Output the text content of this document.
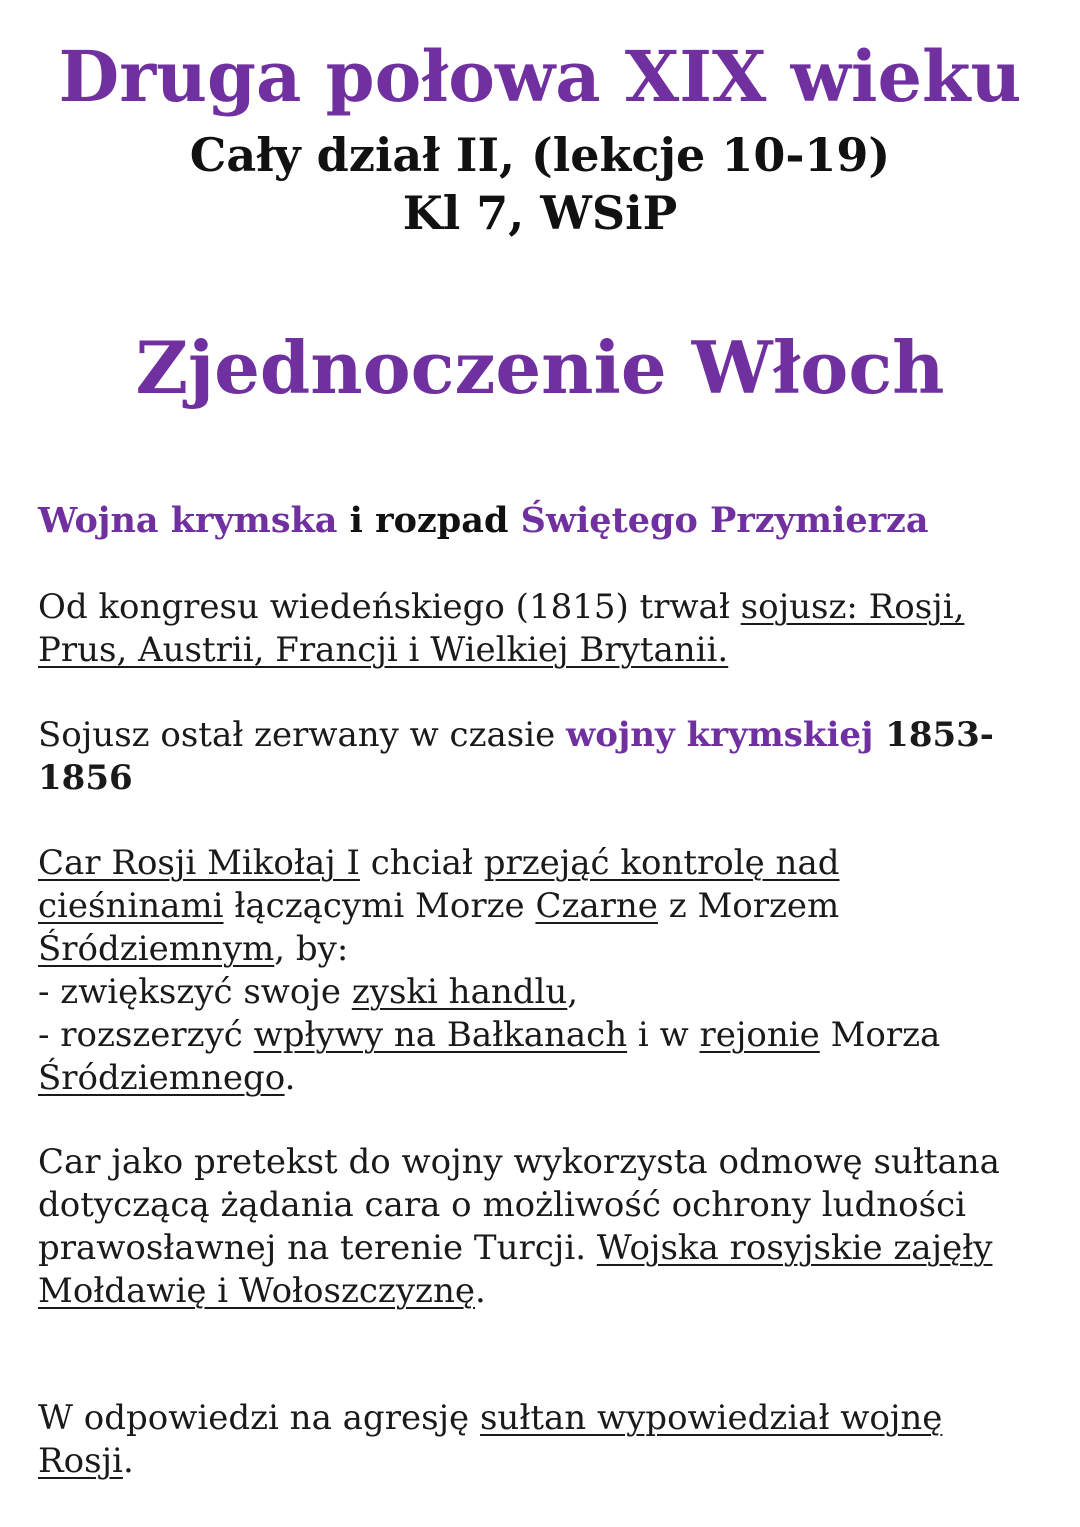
Druga połowa XIX wieku
Cały dział II, (lekcje 10-19)
Kl 7, WSiP
Zjednoczenie Włoch
Wojna krymska i rozpad Świętego Przymierza
Od kongresu wiedeńskiego (1815) trwał sojusz: Rosji,
Prus, Austrii, Francji i Wielkiej Brytanii.
Sojusz ostał zerwany w czasie wojny krymskiej 1853-
1856
Car Rosji Mikołaj I chciał przejąć kontrolę nad
cieśninami łączącymi Morze Czarne z Morzem
Śródziemnym, by:
- zwiększyć swoje zyski handlu,
- rozszerzyć wpływy na Bałkanach i w rejonie Morza
Śródziemnego.
Car jako pretekst do wojny wykorzysta odmowę sułtana
dotyczącą żądania cara o możliwość ochrony ludności
prawosławnej na terenie Turcji. Wojska rosyjskie zajęły
Mołdawię i Wołoszczyznę.
W odpowiedzi na agresję sułtan wypowiedział wojnę
Rosji.
